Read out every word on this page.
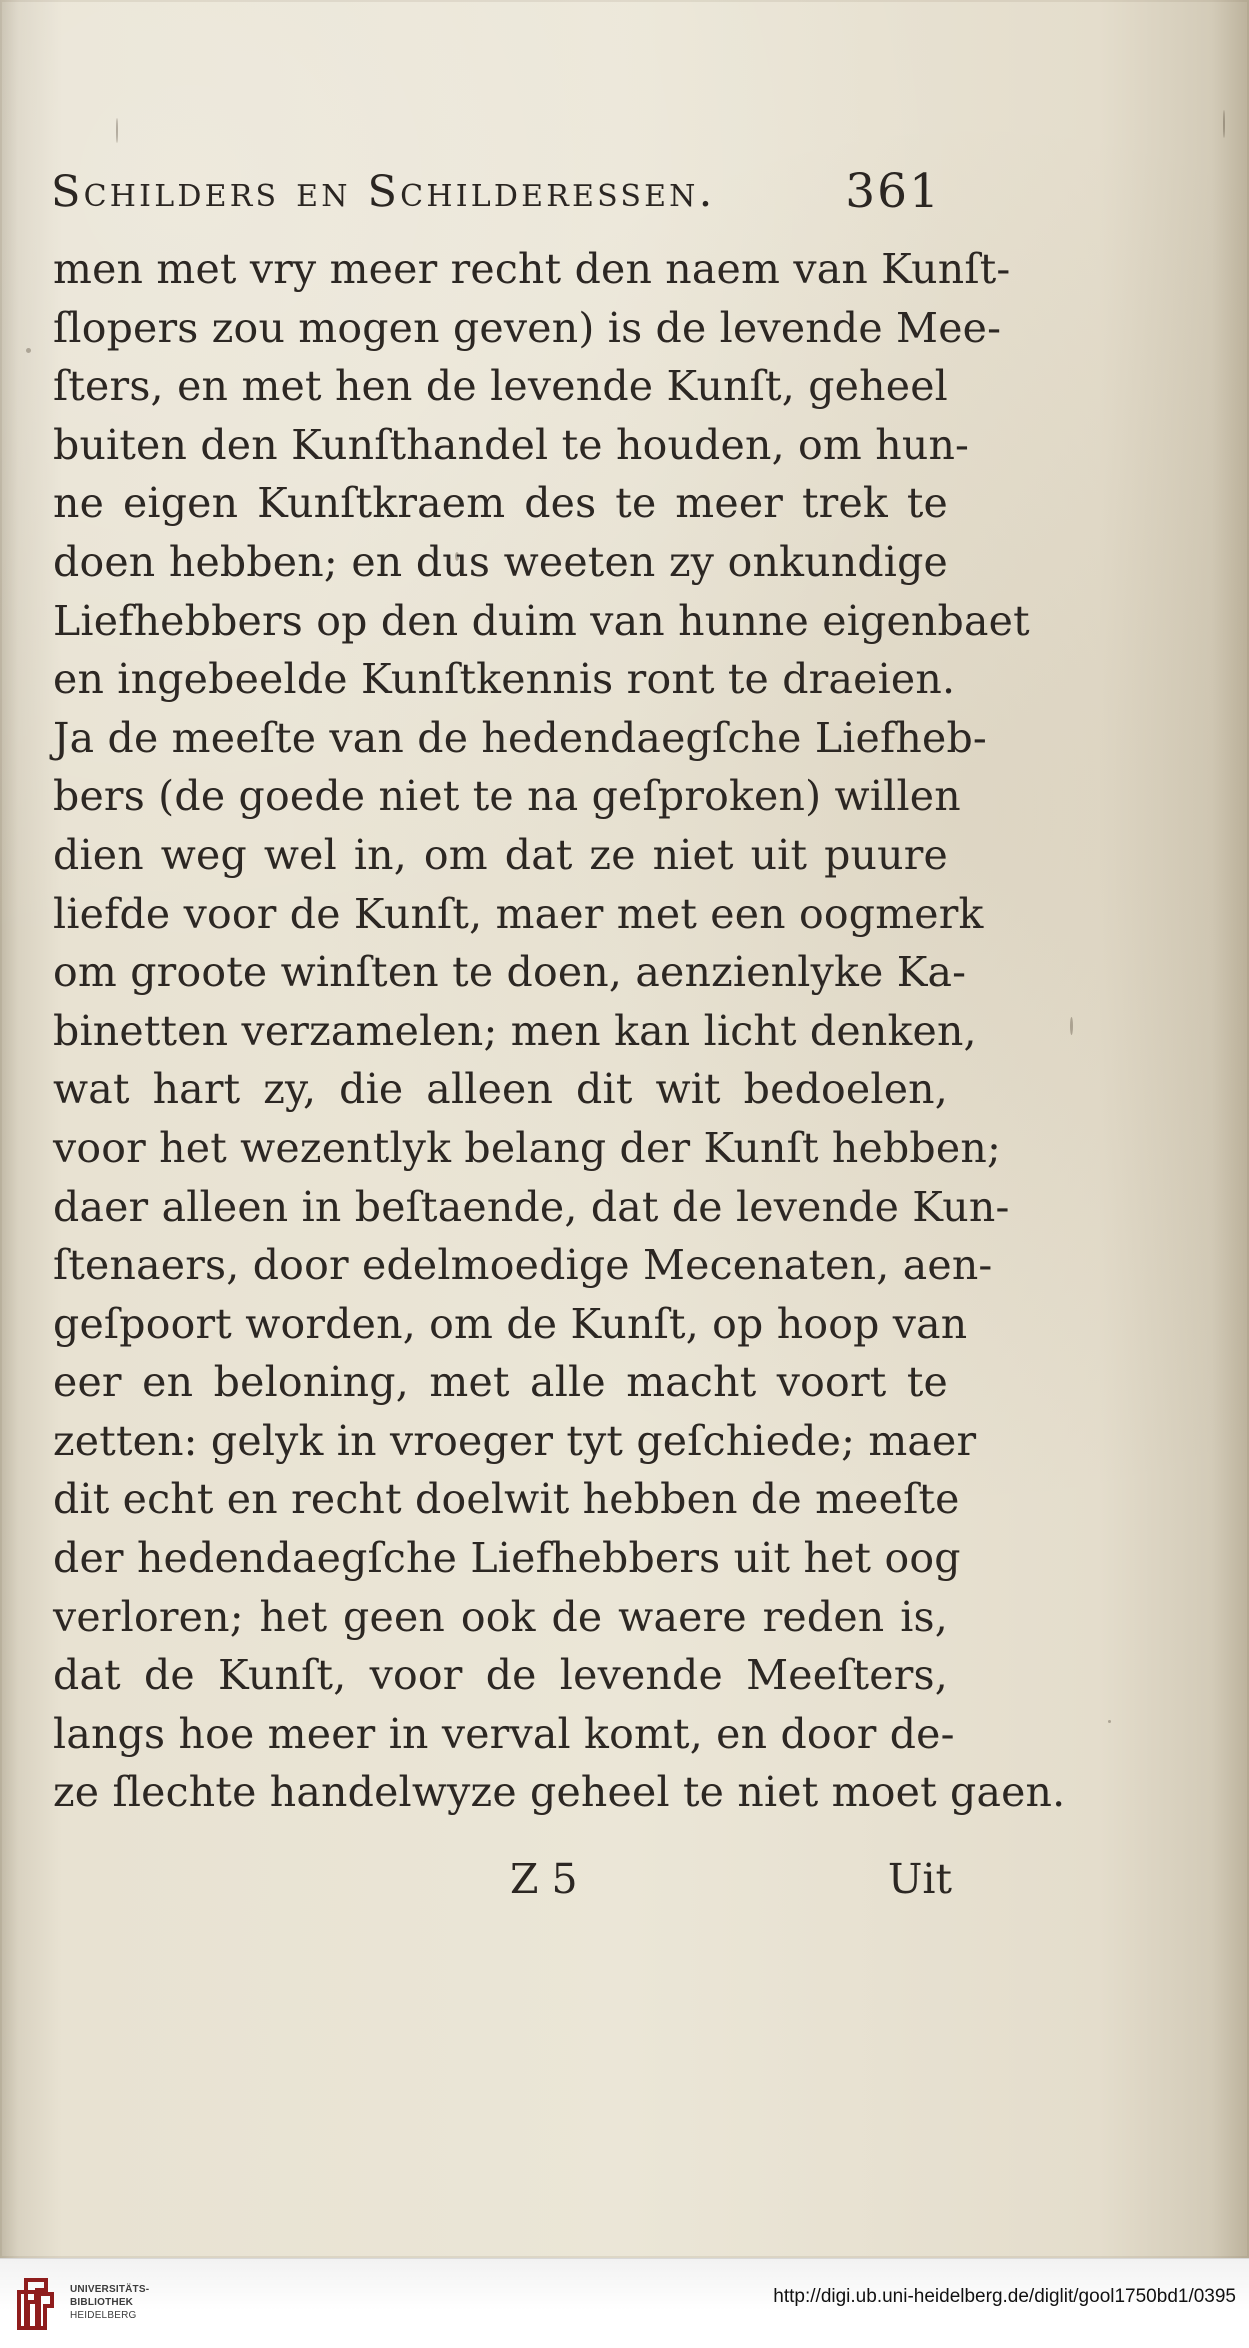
Schilders en Schilderessen.	361
men met vry meer recht den naem van Kunſt-
ſlopers zou mogen geven) is de levende Mee-
ſters, en met hen de levende Kunſt, geheel
buiten den Kunſthandel te houden, om hun-
ne eigen Kunſtkraem des te meer trek te
doen hebben; en dus weeten zy onkundige
Liefhebbers op den duim van hunne eigenbaet
en ingebeelde Kunſtkennis ront te draeien.
Ja de meeſte van de hedendaegſche Liefheb-
bers (de goede niet te na geſproken) willen
dien weg wel in, om dat ze niet uit puure
liefde voor de Kunſt, maer met een oogmerk
om groote winſten te doen, aenzienlyke Ka-
binetten verzamelen; men kan licht denken,
wat hart zy, die alleen dit wit bedoelen,
voor het wezentlyk belang der Kunſt hebben;
daer alleen in beſtaende, dat de levende Kun-
ſtenaers, door edelmoedige Mecenaten, aen-
geſpoort worden, om de Kunſt, op hoop van
eer en beloning, met alle macht voort te
zetten: gelyk in vroeger tyt geſchiede; maer
dit echt en recht doelwit hebben de meeſte
der hedendaegſche Liefhebbers uit het oog
verloren; het geen ook de waere reden is,
dat de Kunſt, voor de levende Meeſters,
langs hoe meer in verval komt, en door de-
ze ſlechte handelwyze geheel te niet moet gaen.
Z 5	Uit
UNIVERSITÄTS-
BIBLIOTHEK
HEIDELBERG
http://digi.ub.uni-heidelberg.de/diglit/gool1750bd1/0395
